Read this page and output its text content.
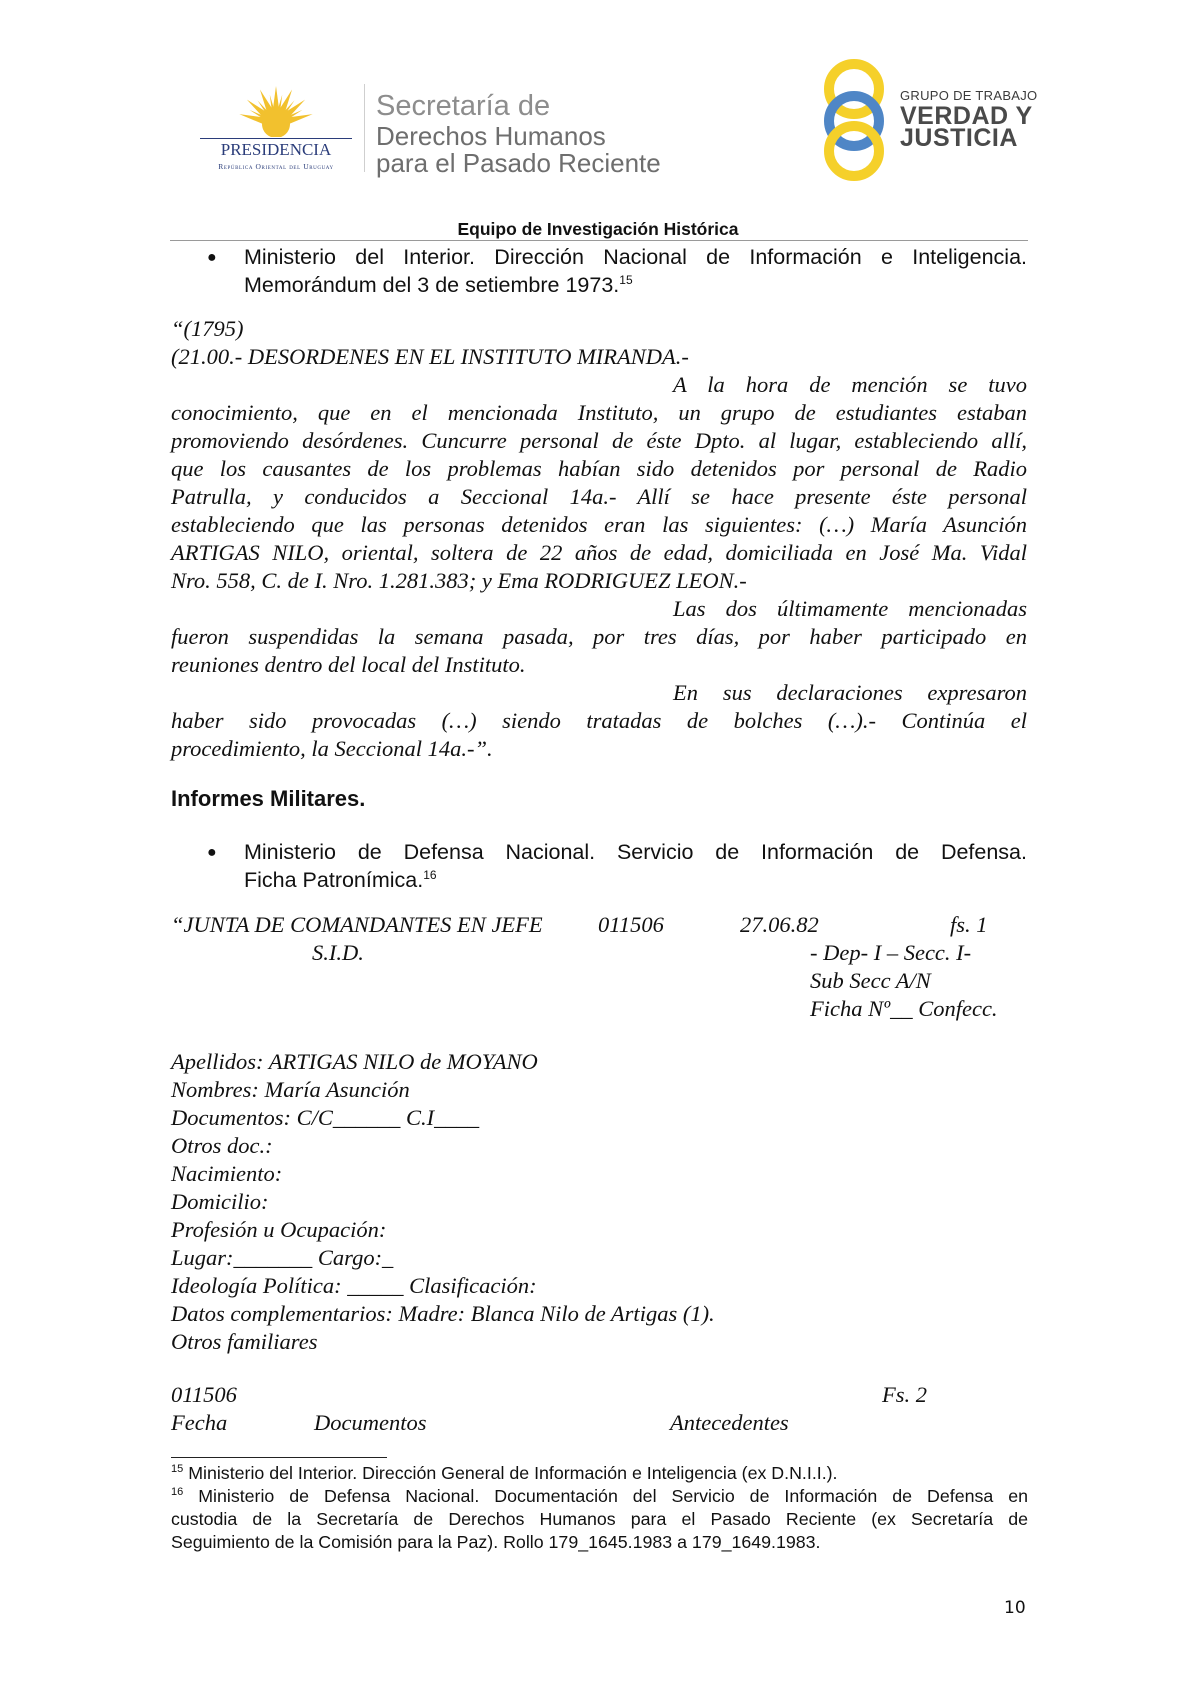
PRESIDENCIA
República Oriental del Uruguay
Secretaría de
Derechos Humanos
para el Pasado Reciente
GRUPO DE TRABAJO
VERDAD Y
JUSTICIA
Equipo de Investigación Histórica
● Ministerio del Interior. Dirección Nacional de Información e Inteligencia.
Memorándum del 3 de setiembre 1973.15
“(1795)
(21.00.- DESORDENES EN EL INSTITUTO MIRANDA.-
A la hora de mención se tuvo
conocimiento, que en el mencionada Instituto, un grupo de estudiantes estaban
promoviendo desórdenes. Cuncurre personal de éste Dpto. al lugar, estableciendo allí,
que los causantes de los problemas habían sido detenidos por personal de Radio
Patrulla, y conducidos a Seccional 14a.- Allí se hace presente éste personal
estableciendo que las personas detenidos eran las siguientes: (…) María Asunción
ARTIGAS NILO, oriental, soltera de 22 años de edad, domiciliada en José Ma. Vidal
Nro. 558, C. de I. Nro. 1.281.383; y Ema RODRIGUEZ LEON.-
Las dos últimamente mencionadas
fueron suspendidas la semana pasada, por tres días, por haber participado en
reuniones dentro del local del Instituto.
En sus declaraciones expresaron
haber sido provocadas (…) siendo tratadas de bolches (…).- Continúa el
procedimiento, la Seccional 14a.-”.
Informes Militares.
● Ministerio de Defensa Nacional. Servicio de Información de Defensa.
Ficha Patronímica.$^{16}$
“JUNTA DE COMANDANTES EN JEFE 011506	27.06.82	fs. 1
S.I.D.	- Dep- I – Secc. I-
Sub Secc A/N
Ficha Nº__ Confecc.
Apellidos: ARTIGAS NILO de MOYANO
Nombres: María Asunción
Documentos: C/C______ C.I____
Otros doc.:
Nacimiento:
Domicilio:
Profesión u Ocupación:
Lugar:_______ Cargo:_
Ideología Política: _____ Clasificación:
Datos complementarios: Madre: Blanca Nilo de Artigas (1).
Otros familiares
011506	Fs. 2
Fecha	Documentos	Antecedentes
$^{15}$ Ministerio del Interior. Dirección General de Información e Inteligencia (ex D.N.I.I.).
$^{16}$ Ministerio de Defensa Nacional. Documentación del Servicio de Información de Defensa en
custodia de la Secretaría de Derechos Humanos para el Pasado Reciente (ex Secretaría de
Seguimiento de la Comisión para la Paz). Rollo 179_1645.1983 a 179_1649.1983.
10
